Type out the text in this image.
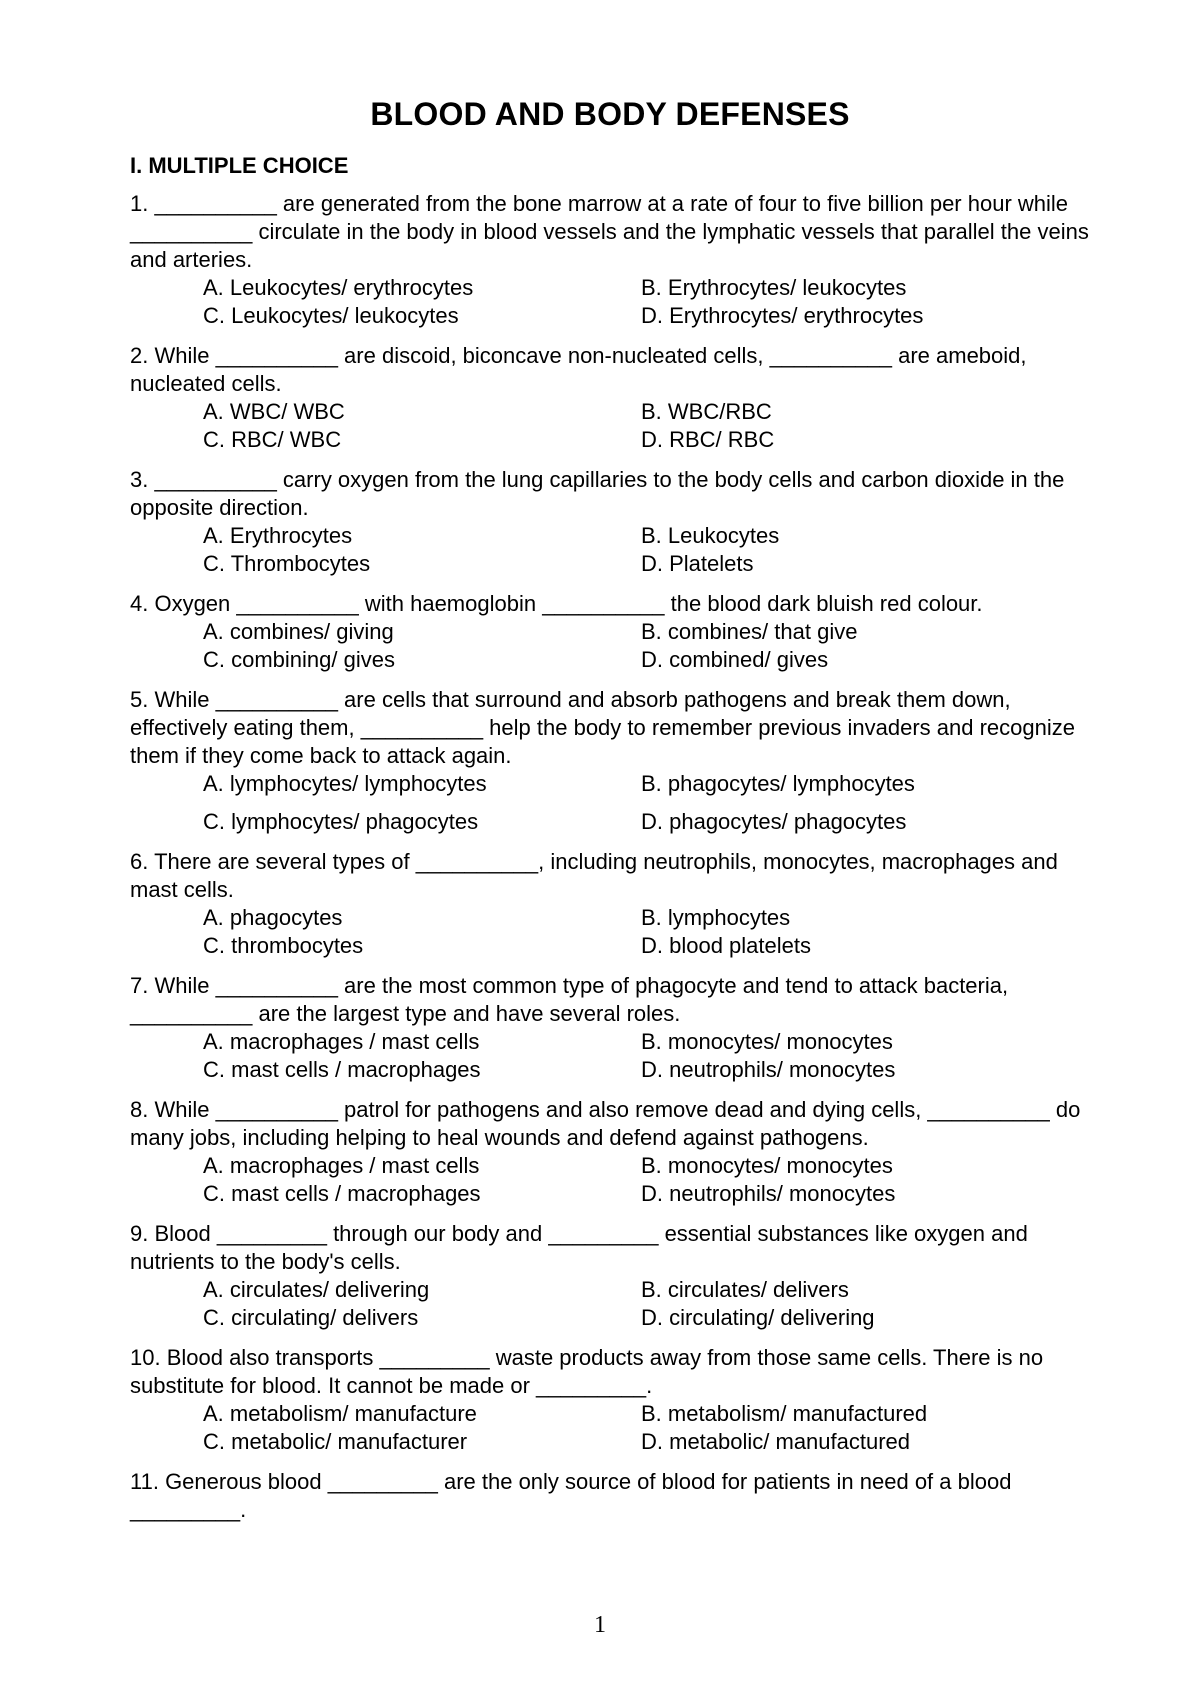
BLOOD AND BODY DEFENSES
I. MULTIPLE CHOICE
1. __________ are generated from the bone marrow at a rate of four to five billion per hour while __________ circulate in the body in blood vessels and the lymphatic vessels that parallel the veins and arteries.
A. Leukocytes/ erythrocytes	B. Erythrocytes/ leukocytes
C. Leukocytes/ leukocytes	D. Erythrocytes/ erythrocytes
2. While __________ are discoid, biconcave non-nucleated cells, __________ are ameboid, nucleated cells.
A. WBC/ WBC	B. WBC/RBC
C. RBC/ WBC	D. RBC/ RBC
3. __________ carry oxygen from the lung capillaries to the body cells and carbon dioxide in the opposite direction.
A. Erythrocytes	B. Leukocytes
C. Thrombocytes	D. Platelets
4. Oxygen __________ with haemoglobin __________ the blood dark bluish red colour.
A. combines/ giving	B. combines/ that give
C. combining/ gives	D. combined/ gives
5. While __________ are cells that surround and absorb pathogens and break them down, effectively eating them, __________ help the body to remember previous invaders and recognize them if they come back to attack again.
A. lymphocytes/ lymphocytes	B. phagocytes/ lymphocytes
C. lymphocytes/ phagocytes	D. phagocytes/ phagocytes
6. There are several types of __________, including neutrophils, monocytes, macrophages and mast cells.
A. phagocytes	B. lymphocytes
C. thrombocytes	D. blood platelets
7. While __________ are the most common type of phagocyte and tend to attack bacteria, __________ are the largest type and have several roles.
A. macrophages / mast cells	B. monocytes/ monocytes
C. mast cells / macrophages	D. neutrophils/ monocytes
8. While __________ patrol for pathogens and also remove dead and dying cells, __________ do many jobs, including helping to heal wounds and defend against pathogens.
A. macrophages / mast cells	B. monocytes/ monocytes
C. mast cells / macrophages	D. neutrophils/ monocytes
9. Blood _________ through our body and _________ essential substances like oxygen and nutrients to the body's cells.
A. circulates/ delivering	B. circulates/ delivers
C. circulating/ delivers	D. circulating/ delivering
10. Blood also transports _________ waste products away from those same cells. There is no substitute for blood. It cannot be made or _________.
A. metabolism/ manufacture	B. metabolism/ manufactured
C. metabolic/ manufacturer	D. metabolic/ manufactured
11. Generous blood _________ are the only source of blood for patients in need of a blood _________.
1
